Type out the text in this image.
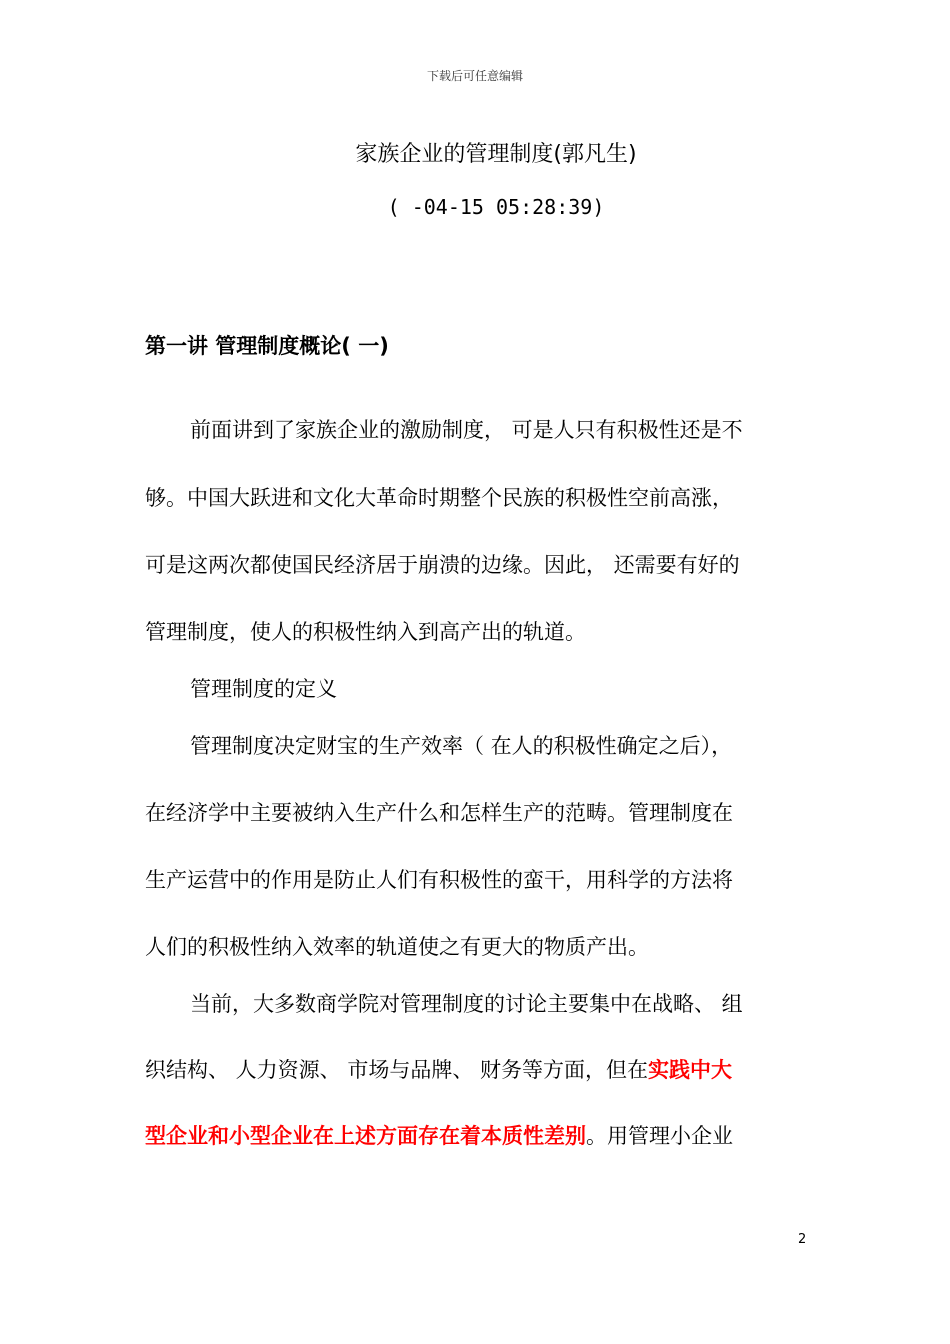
下载后可任意编辑
家族企业的管理制度(郭凡生)
( -04-15 05:28:39)
第一讲 管理制度概论( 一)
前面讲到了家族企业的激励制度， 可是人只有积极性还是不
够。中国大跃进和文化大革命时期整个民族的积极性空前高涨，
可是这两次都使国民经济居于崩溃的边缘。因此， 还需要有好的
管理制度，使人的积极性纳入到高产出的轨道。
管理制度的定义
管理制度决定财宝的生产效率（ 在人的积极性确定之后），
在经济学中主要被纳入生产什么和怎样生产的范畴。管理制度在
生产运营中的作用是防止人们有积极性的蛮干，用科学的方法将
人们的积极性纳入效率的轨道使之有更大的物质产出。
当前，大多数商学院对管理制度的讨论主要集中在战略、 组
织结构、 人力资源、 市场与品牌、 财务等方面，但在实践中大
型企业和小型企业在上述方面存在着本质性差别。用管理小企业
2
